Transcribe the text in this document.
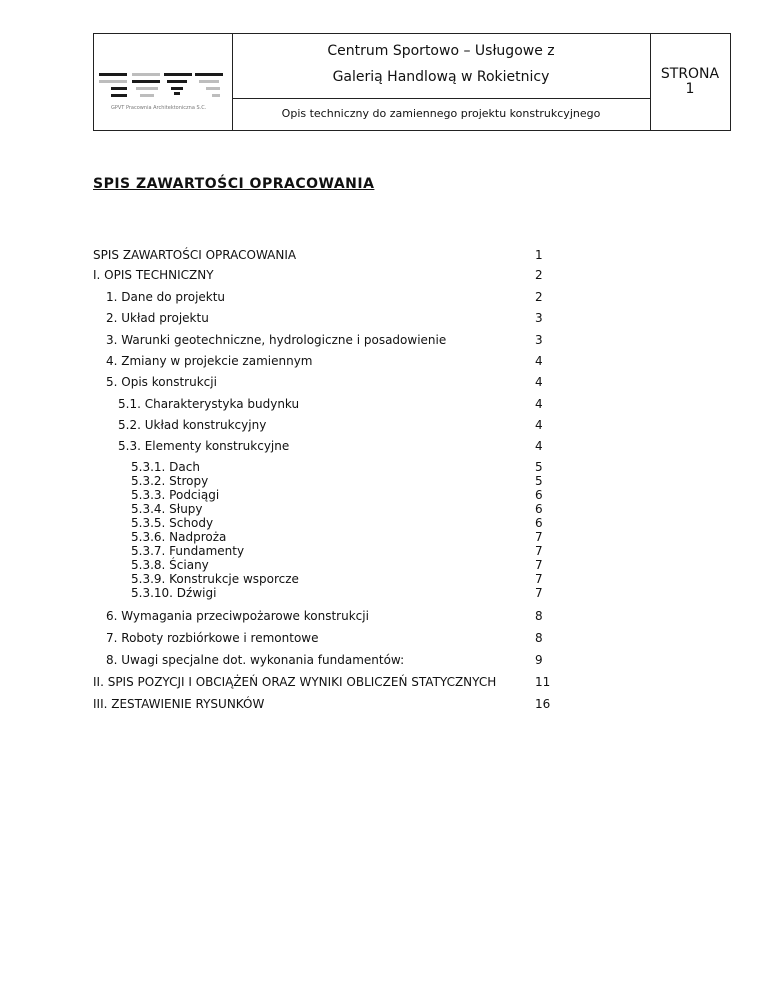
GPVT Pracownia Architektoniczna S.C.
Centrum Sportowo – Usługowe z
Galerią Handlową w Rokietnicy
Opis techniczny do zamiennego projektu konstrukcyjnego
STRONA
1
SPIS ZAWARTOŚCI OPRACOWANIA
SPIS ZAWARTOŚCI OPRACOWANIA	1
I. OPIS TECHNICZNY	2
1. Dane do projektu	2
2. Układ projektu	3
3. Warunki geotechniczne, hydrologiczne i posadowienie	3
4. Zmiany w projekcie zamiennym	4
5. Opis konstrukcji	4
5.1. Charakterystyka budynku	4
5.2. Układ konstrukcyjny	4
5.3. Elementy konstrukcyjne	4
5.3.1. Dach	5
5.3.2. Stropy	5
5.3.3. Podciągi	6
5.3.4. Słupy	6
5.3.5. Schody	6
5.3.6. Nadproża	7
5.3.7. Fundamenty	7
5.3.8. Ściany	7
5.3.9. Konstrukcje wsporcze	7
5.3.10. Dźwigi	7
6. Wymagania przeciwpożarowe konstrukcji	8
7. Roboty rozbiórkowe i remontowe	8
8. Uwagi specjalne dot. wykonania fundamentów:	9
II. SPIS POZYCJI I OBCIĄŻEŃ ORAZ WYNIKI OBLICZEŃ STATYCZNYCH	11
III. ZESTAWIENIE RYSUNKÓW	16
